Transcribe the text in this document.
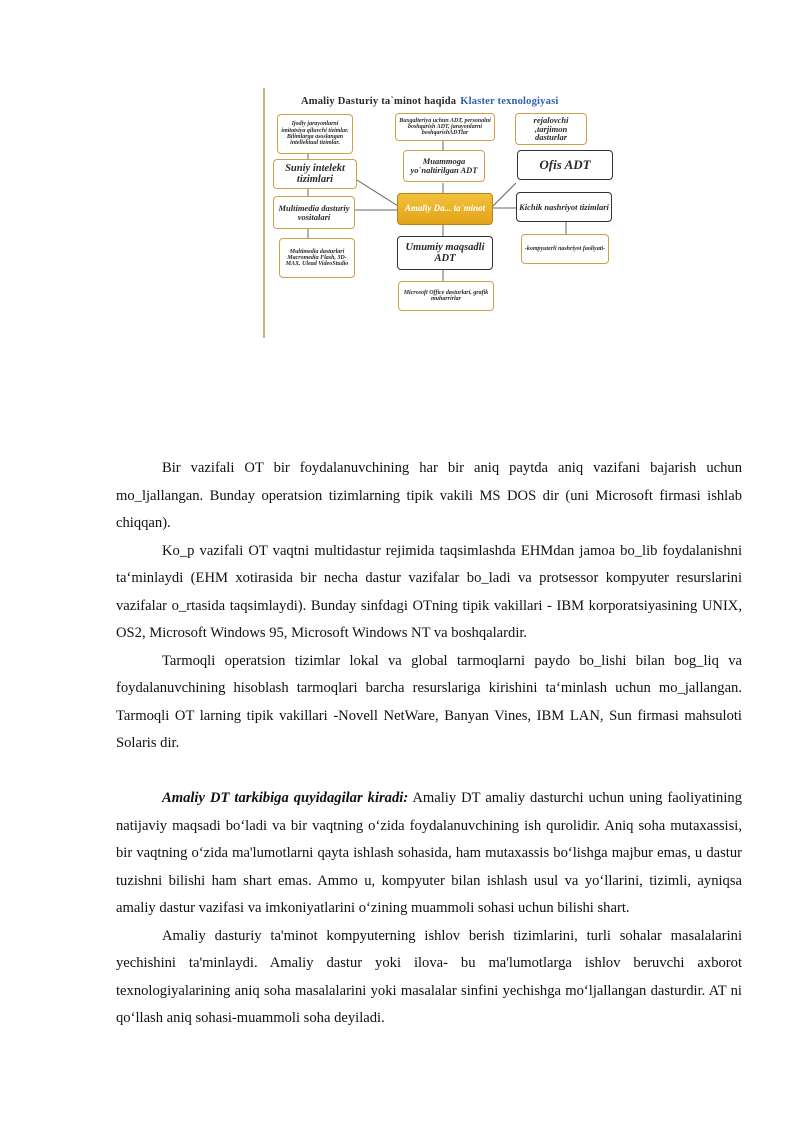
Amaliy Dasturiy ta`minot haqida Klaster texnologiyasi
Ijodiy jarayonlarni imitatsiya qiluvchi tizimlar. Bilimlarga asoslangan intellektual tizimlar.
Suniy intelekt tizimlari
Multimedia dasturiy vositalari
Multimedia dasturlari Macromedia Flash, 3D-MAX. Ulead VideoStudio
Buxgalteriya uchun ADT, personalni boshqarish ADT, jarayonlarni boshqarishADTlar
Muammoga yo`naltirilgan ADT
Amaliy Da... ta`minot
Umumiy maqsadli ADT
Microsoft Office dasturlari, grafik muharrirlar
rejalovchi ,tarjimon dasturlar
Ofis ADT
Kichik nashriyot tizimlari
-kompyuterli nashriyot faoliyati-

Bir vazifali OT bir foydalanuvchining har bir aniq paytda aniq vazifani bajarish uchun mo_ljallangan. Bunday operatsion tizimlarning tipik vakili MS DOS dir (uni Microsoft firmasi ishlab chiqqan).

Ko_p vazifali OT vaqtni multidastur rejimida taqsimlashda EHMdan jamoa bo_lib foydalanishni ta‘minlaydi (EHM xotirasida bir necha dastur vazifalar bo_ladi va protsessor kompyuter resurslarini vazifalar o_rtasida taqsimlaydi). Bunday sinfdagi OTning tipik vakillari - IBM korporatsiyasining UNIX, OS2, Microsoft Windows 95, Microsoft Windows NT va boshqalardir.

Tarmoqli operatsion tizimlar lokal va global tarmoqlarni paydo bo_lishi bilan bog_liq va foydalanuvchining hisoblash tarmoqlari barcha resurslariga kirishini ta‘minlash uchun mo_jallangan. Tarmoqli OT larning tipik vakillari -Novell NetWare, Banyan Vines, IBM LAN, Sun firmasi mahsuloti Solaris dir.

Amaliy DT tarkibiga quyidagilar kiradi: Amaliy DT amaliy dasturchi uchun uning faoliyatining natijaviy maqsadi bo‘ladi va bir vaqtning o‘zida foydalanuvchining ish qurolidir. Aniq soha mutaxassisi, bir vaqtning o‘zida ma'lumotlarni qayta ishlash sohasida, ham mutaxassis bo‘lishga majbur emas, u dastur tuzishni bilishi ham shart emas. Ammo u, kompyuter bilan ishlash usul va yo‘llarini, tizimli, ayniqsa amaliy dastur vazifasi va imkoniyatlarini o‘zining muammoli sohasi uchun bilishi shart.

Amaliy dasturiy ta'minot kompyuterning ishlov berish tizimlarini, turli sohalar masalalarini yechishini ta'minlaydi. Amaliy dastur yoki ilova- bu ma'lumotlarga ishlov beruvchi axborot texnologiyalarining aniq soha masalalarini yoki masalalar sinfini yechishga mo‘ljallangan dasturdir. AT ni qo‘llash aniq sohasi-muammoli soha deyiladi.
